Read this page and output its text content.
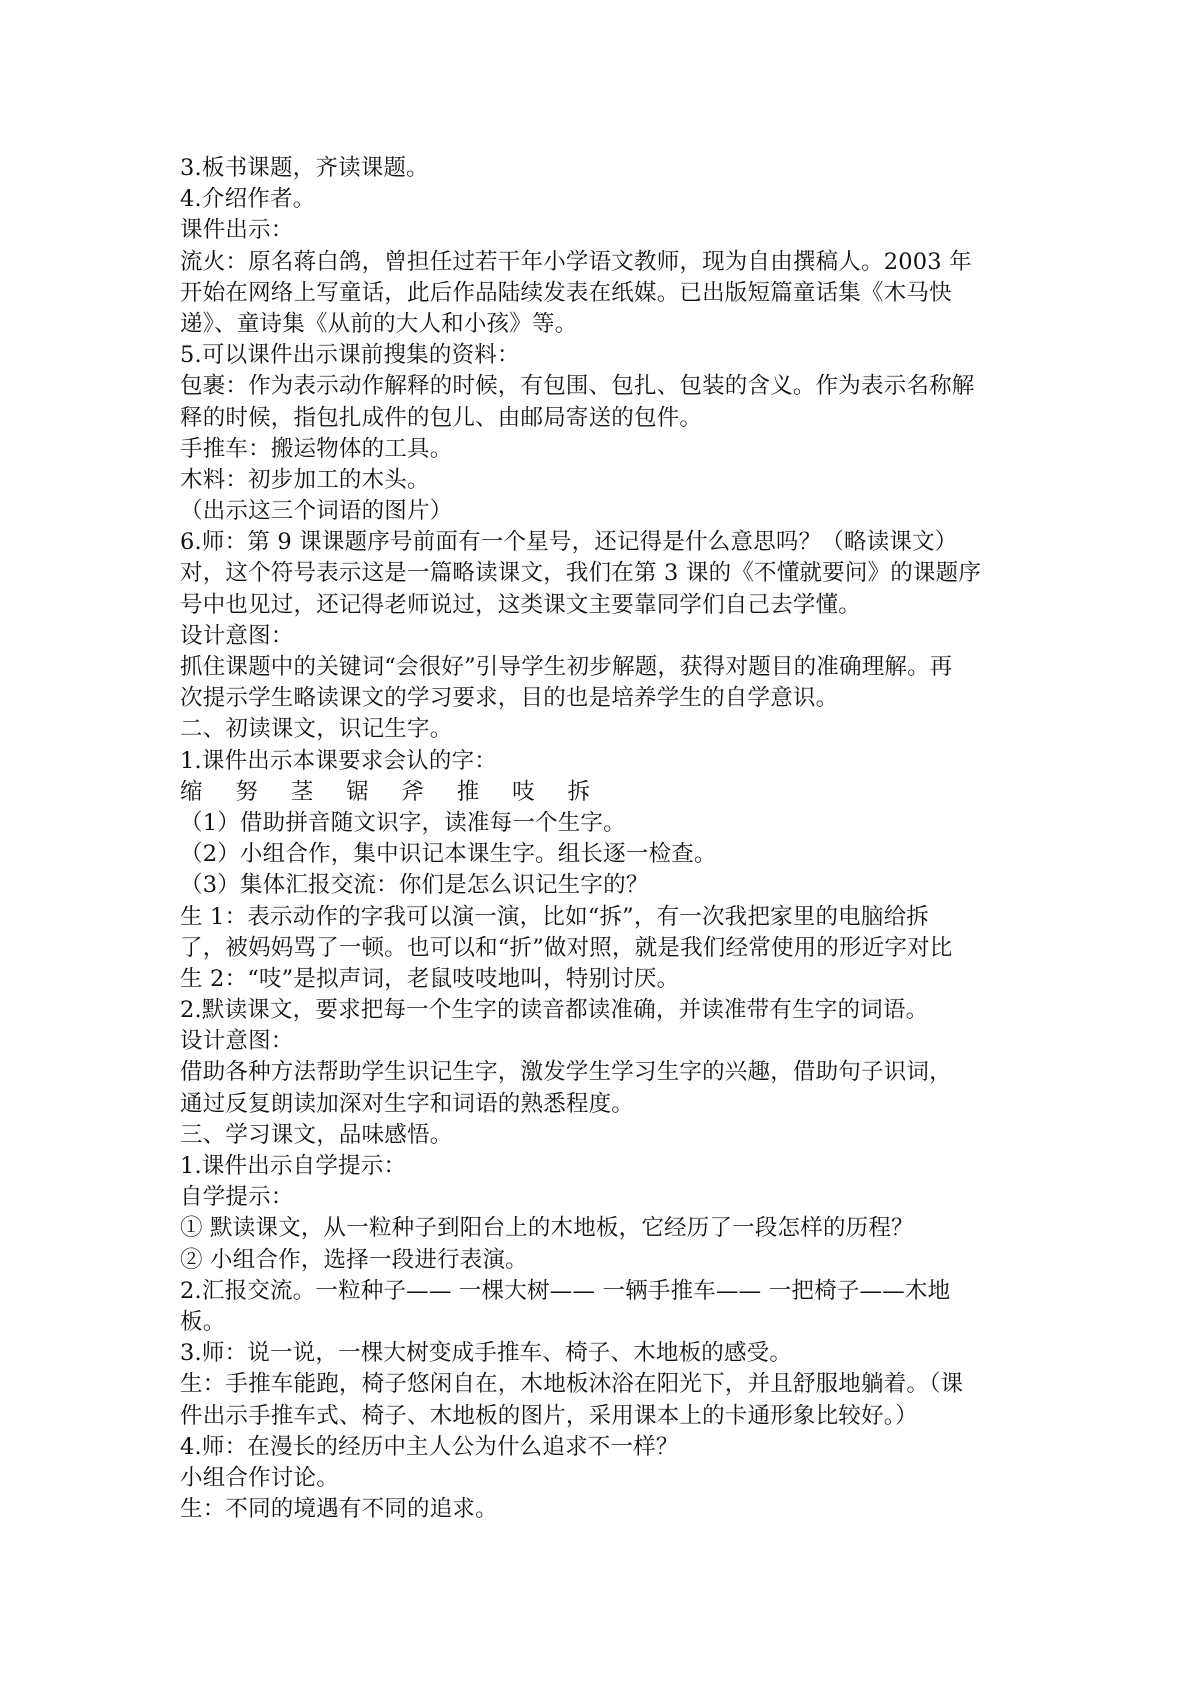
3.板书课题，齐读课题。
4.介绍作者。
课件出示：
流火：原名蒋白鸽，曾担任过若干年小学语文教师，现为自由撰稿人。2003 年
开始在网络上写童话，此后作品陆续发表在纸媒。已出版短篇童话集《木马快
递》、童诗集《从前的大人和小孩》等。
5.可以课件出示课前搜集的资料：
包裹：作为表示动作解释的时候，有包围、包扎、包装的含义。作为表示名称解
释的时候，指包扎成件的包儿、由邮局寄送的包件。
手推车：搬运物体的工具。
木料：初步加工的木头。
（出示这三个词语的图片）
6.师：第 9 课课题序号前面有一个星号，还记得是什么意思吗？（略读课文）
对，这个符号表示这是一篇略读课文，我们在第 3 课的《不懂就要问》的课题序
号中也见过，还记得老师说过，这类课文主要靠同学们自己去学懂。
设计意图：
抓住课题中的关键词“会很好”引导学生初步解题，获得对题目的准确理解。再
次提示学生略读课文的学习要求，目的也是培养学生的自学意识。
二、初读课文，识记生字。
1.课件出示本课要求会认的字：
缩 努 茎 锯 斧 推 吱 拆
（1）借助拼音随文识字，读准每一个生字。
（2）小组合作，集中识记本课生字。组长逐一检查。
（3）集体汇报交流：你们是怎么识记生字的？
生 1：表示动作的字我可以演一演，比如“拆”，有一次我把家里的电脑给拆
了，被妈妈骂了一顿。也可以和“折”做对照，就是我们经常使用的形近字对比
生 2：“吱”是拟声词，老鼠吱吱地叫，特别讨厌。
2.默读课文，要求把每一个生字的读音都读准确，并读准带有生字的词语。
设计意图：
借助各种方法帮助学生识记生字，激发学生学习生字的兴趣，借助句子识词，
通过反复朗读加深对生字和词语的熟悉程度。
三、学习课文，品味感悟。
1.课件出示自学提示：
自学提示：
① 默读课文，从一粒种子到阳台上的木地板，它经历了一段怎样的历程？
② 小组合作，选择一段进行表演。
2.汇报交流。一粒种子—— 一棵大树—— 一辆手推车—— 一把椅子——木地
板。
3.师：说一说，一棵大树变成手推车、椅子、木地板的感受。
生：手推车能跑，椅子悠闲自在，木地板沐浴在阳光下，并且舒服地躺着。（课
件出示手推车式、椅子、木地板的图片，采用课本上的卡通形象比较好。）
4.师：在漫长的经历中主人公为什么追求不一样？
小组合作讨论。
生：不同的境遇有不同的追求。
